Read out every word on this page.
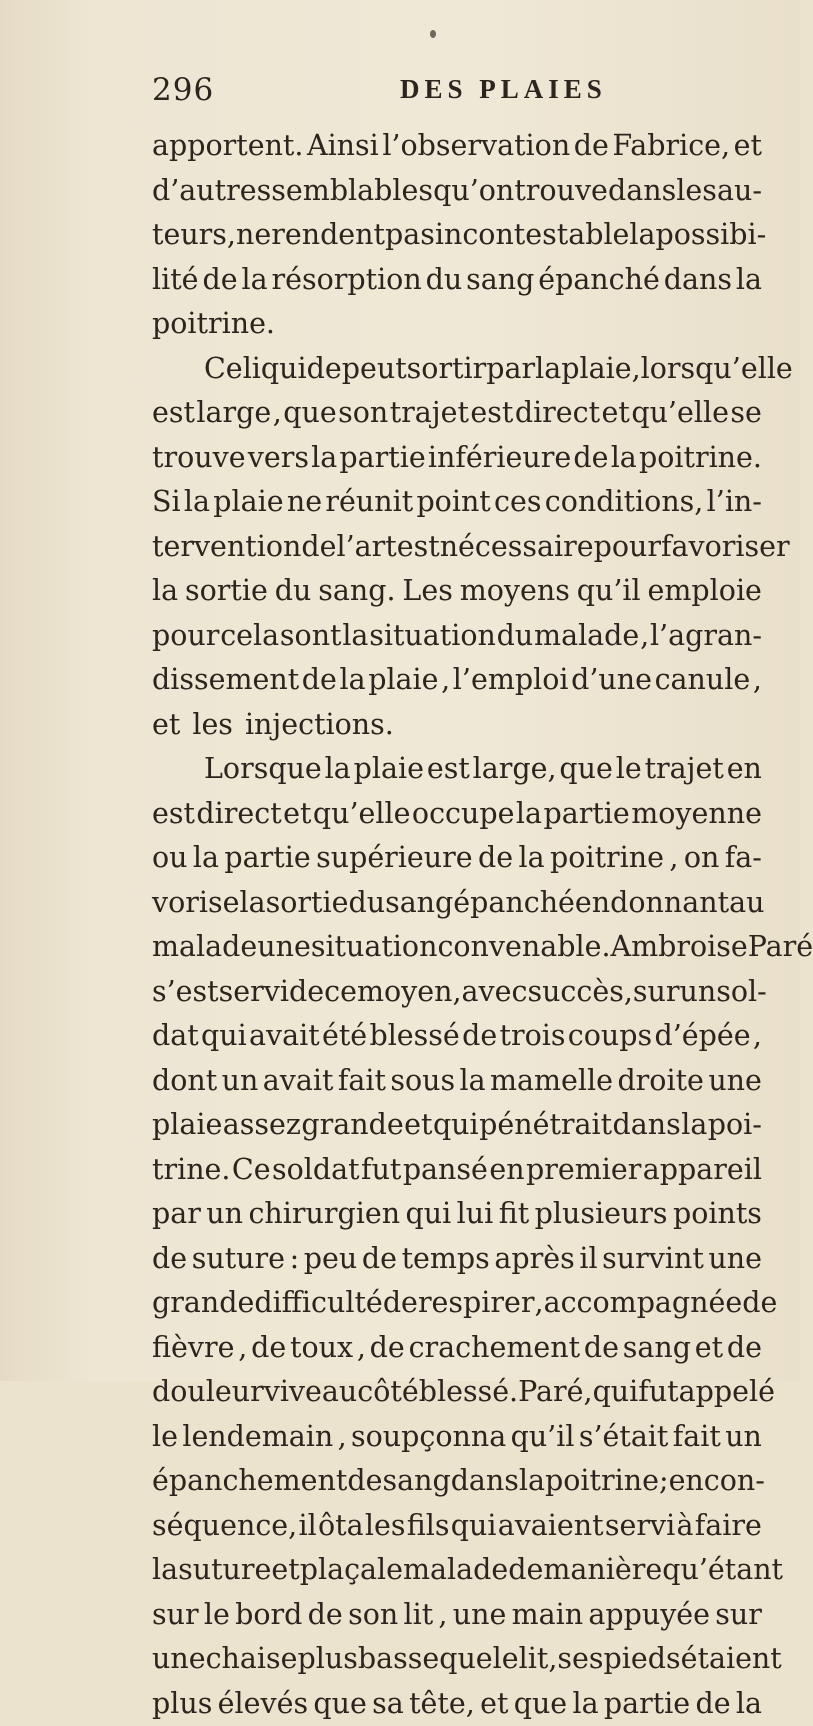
296	DES PLAIES
apportent. Ainsi l’observation de Fabrice, et
d’autres semblables qu’on trouve dans les au-
teurs, ne rendent pas incontestable la possibi-
lité de la résorption du sang épanché dans la
poitrine.
Ce liquide peut sortir par la plaie, lorsqu’elle
est large , que son trajet est direct et qu’elle se
trouve vers la partie inférieure de la poitrine.
Si la plaie ne réunit point ces conditions, l’in-
tervention de l’art est nécessaire pour favoriser
la sortie du sang. Les moyens qu’il emploie
pour cela sont la situation du malade , l’agran-
dissement de la plaie , l’emploi d’une canule ,
et les injections.
Lorsque la plaie est large, que le trajet en
est direct et qu’elle occupe la partie moyenne
ou la partie supérieure de la poitrine , on fa-
vorise la sortie du sang épanché en donnant au
malade une situation convenable. Ambroise Paré
s’est servi de ce moyen, avec succès, sur un sol-
dat qui avait été blessé de trois coups d’épée ,
dont un avait fait sous la mamelle droite une
plaie assez grande et qui pénétrait dans la poi-
trine. Ce soldat fut pansé en premier appareil
par un chirurgien qui lui fit plusieurs points
de suture : peu de temps après il survint une
grande difficulté de respirer , accompagnée de
fièvre , de toux , de crachement de sang et de
douleur vive au côté blessé. Paré, qui fut appelé
le lendemain , soupçonna qu’il s’était fait un
épanchement de sang dans la poitrine ; en con-
séquence, il ôta les fils qui avaient servi à faire
la suture et plaça le malade de manière qu’étant
sur le bord de son lit , une main appuyée sur
une chaise plus basse que le lit, ses pieds étaient
plus élevés que sa tête, et que la partie de la
